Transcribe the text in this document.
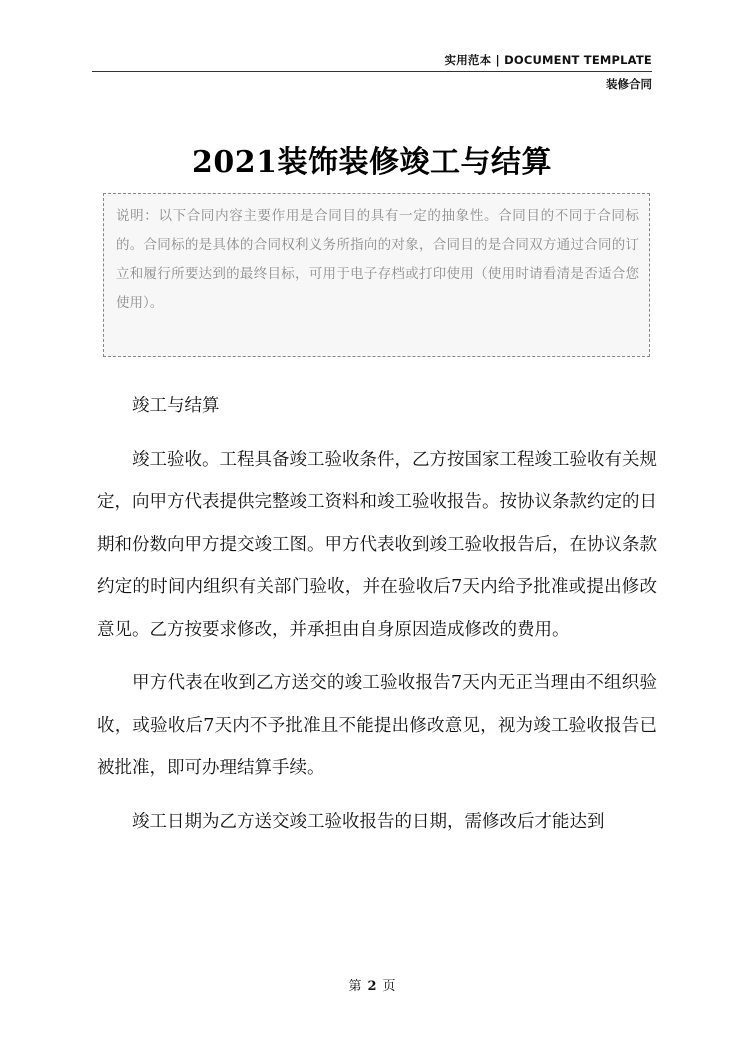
实用范本 | DOCUMENT TEMPLATE
装修合同
2021装饰装修竣工与结算
说明：以下合同内容主要作用是合同目的具有一定的抽象性。合同目的不同于合同标的。合同标的是具体的合同权利义务所指向的对象，合同目的是合同双方通过合同的订立和履行所要达到的最终目标，可用于电子存档或打印使用（使用时请看清是否适合您使用）。

竣工与结算

竣工验收。工程具备竣工验收条件，乙方按国家工程竣工验收有关规定，向甲方代表提供完整竣工资料和竣工验收报告。按协议条款约定的日期和份数向甲方提交竣工图。甲方代表收到竣工验收报告后，在协议条款约定的时间内组织有关部门验收，并在验收后7天内给予批准或提出修改意见。乙方按要求修改，并承担由自身原因造成修改的费用。

甲方代表在收到乙方送交的竣工验收报告7天内无正当理由不组织验收，或验收后7天内不予批准且不能提出修改意见，视为竣工验收报告已被批准，即可办理结算手续。

竣工日期为乙方送交竣工验收报告的日期，需修改后才能达到

第 2 页
